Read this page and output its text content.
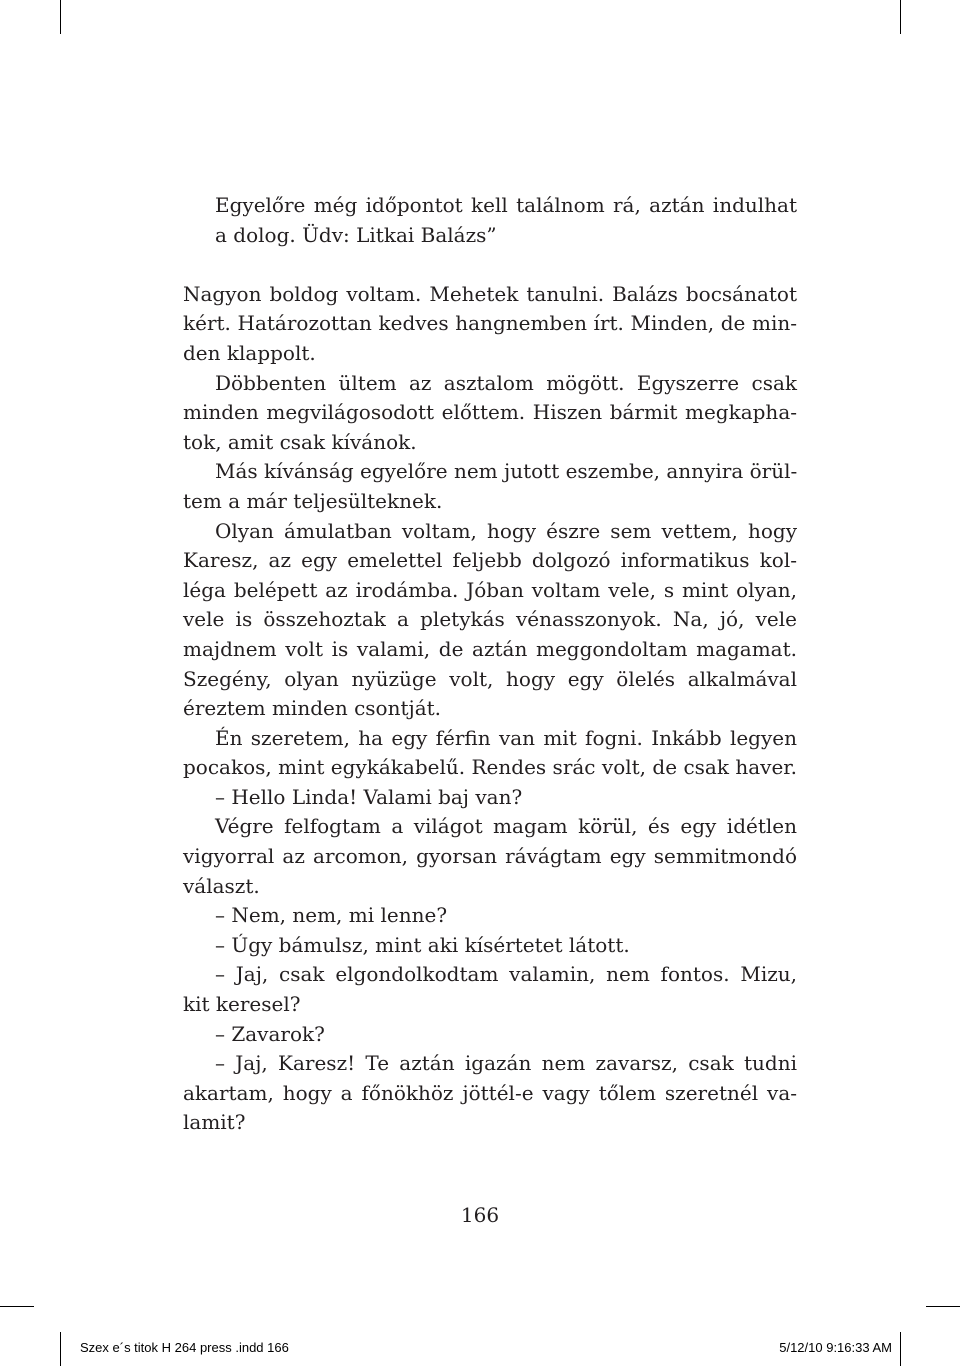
Egyelőre még időpontot kell találnom rá, aztán indulhat
a dolog. Üdv: Litkai Balázs”
Nagyon boldog voltam. Mehetek tanulni. Balázs bocsánatot
kért. Határozottan kedves hangnemben írt. Minden, de min-
den klappolt.
Döbbenten ültem az asztalom mögött. Egyszerre csak
minden megvilágosodott előttem. Hiszen bármit megkapha-
tok, amit csak kívánok.
Más kívánság egyelőre nem jutott eszembe, annyira örül-
tem a már teljesülteknek.
Olyan ámulatban voltam, hogy észre sem vettem, hogy
Karesz, az egy emelettel feljebb dolgozó informatikus kol-
léga belépett az irodámba. Jóban voltam vele, s mint olyan,
vele is összehoztak a pletykás vénasszonyok. Na, jó, vele
majdnem volt is valami, de aztán meggondoltam magamat.
Szegény, olyan nyüzüge volt, hogy egy ölelés alkalmával
éreztem minden csontját.
Én szeretem, ha egy férfin van mit fogni. Inkább legyen
pocakos, mint egykákabelű. Rendes srác volt, de csak haver.
– Hello Linda! Valami baj van?
Végre felfogtam a világot magam körül, és egy idétlen
vigyorral az arcomon, gyorsan rávágtam egy semmitmondó
választ.
– Nem, nem, mi lenne?
– Úgy bámulsz, mint aki kísértetet látott.
– Jaj, csak elgondolkodtam valamin, nem fontos. Mizu,
kit keresel?
– Zavarok?
– Jaj, Karesz! Te aztán igazán nem zavarsz, csak tudni
akartam, hogy a főnökhöz jöttél-e vagy tőlem szeretnél va-
lamit?
166
Szex e´s titok H 264 press .indd 166	5/12/10 9:16:33 AM
